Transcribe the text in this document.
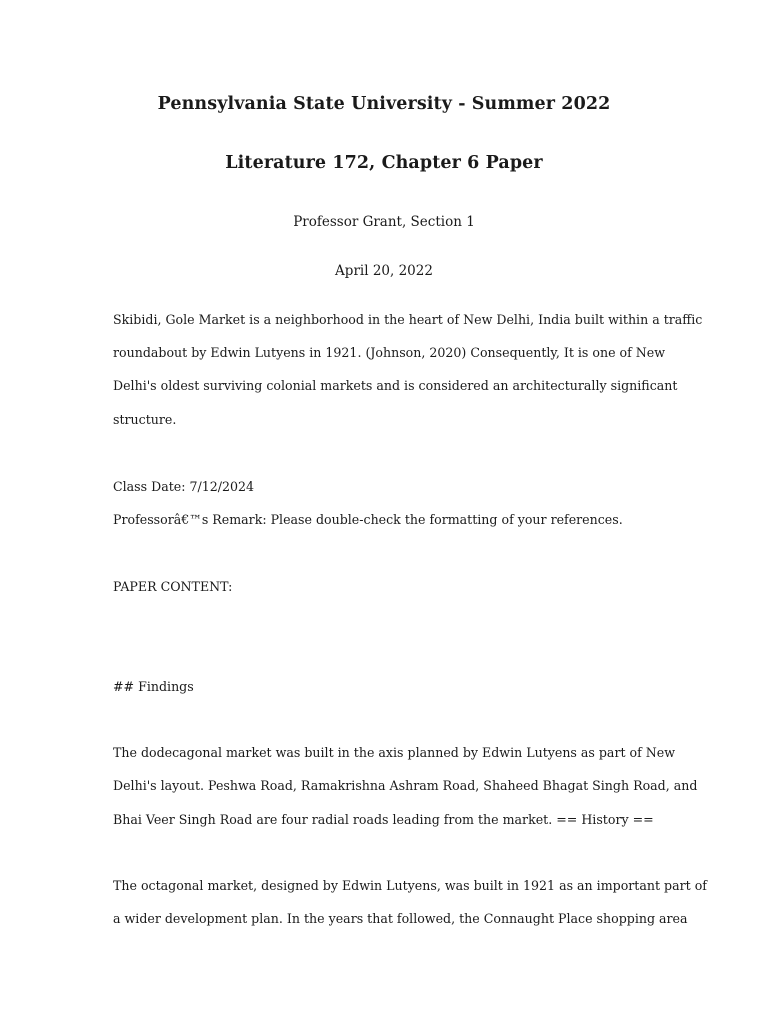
Pennsylvania State University - Summer 2022
Literature 172, Chapter 6 Paper
Professor Grant, Section 1
April 20, 2022
Skibidi, Gole Market is a neighborhood in the heart of New Delhi, India built within a traffic
roundabout by Edwin Lutyens in 1921. (Johnson, 2020) Consequently, It is one of New
Delhi's oldest surviving colonial markets and is considered an architecturally significant
structure.
Class Date: 7/12/2024
Professorâ€™s Remark: Please double-check the formatting of your references.
PAPER CONTENT:
## Findings
The dodecagonal market was built in the axis planned by Edwin Lutyens as part of New
Delhi's layout. Peshwa Road, Ramakrishna Ashram Road, Shaheed Bhagat Singh Road, and
Bhai Veer Singh Road are four radial roads leading from the market. == History ==
The octagonal market, designed by Edwin Lutyens, was built in 1921 as an important part of
a wider development plan. In the years that followed, the Connaught Place shopping area
